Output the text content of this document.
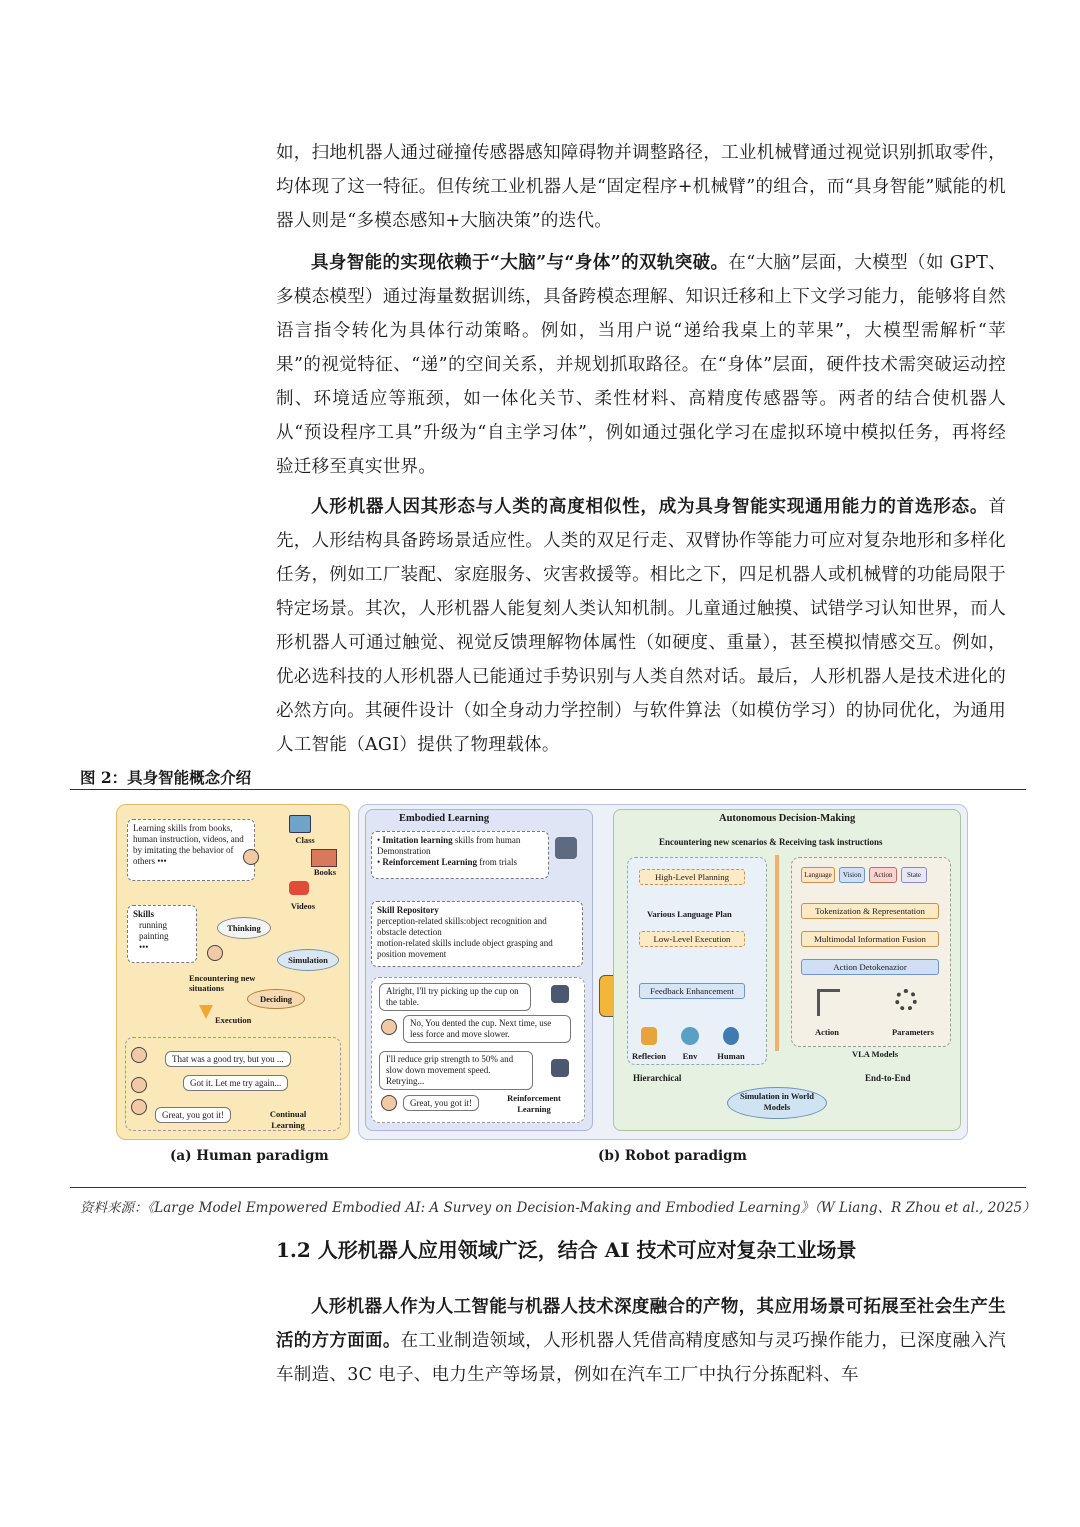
如，扫地机器人通过碰撞传感器感知障碍物并调整路径，工业机械臂通过视觉识别抓取零件，均体现了这一特征。但传统工业机器人是“固定程序+机械臂”的组合，而“具身智能”赋能的机器人则是“多模态感知+大脑决策”的迭代。

具身智能的实现依赖于“大脑”与“身体”的双轨突破。在“大脑”层面，大模型（如 GPT、多模态模型）通过海量数据训练，具备跨模态理解、知识迁移和上下文学习能力，能够将自然语言指令转化为具体行动策略。例如，当用户说“递给我桌上的苹果”，大模型需解析“苹果”的视觉特征、“递”的空间关系，并规划抓取路径。在“身体”层面，硬件技术需突破运动控制、环境适应等瓶颈，如一体化关节、柔性材料、高精度传感器等。两者的结合使机器人从“预设程序工具”升级为“自主学习体”，例如通过强化学习在虚拟环境中模拟任务，再将经验迁移至真实世界。

人形机器人因其形态与人类的高度相似性，成为具身智能实现通用能力的首选形态。首先，人形结构具备跨场景适应性。人类的双足行走、双臂协作等能力可应对复杂地形和多样化任务，例如工厂装配、家庭服务、灾害救援等。相比之下，四足机器人或机械臂的功能局限于特定场景。其次，人形机器人能复刻人类认知机制。儿童通过触摸、试错学习认知世界，而人形机器人可通过触觉、视觉反馈理解物体属性（如硬度、重量），甚至模拟情感交互。例如，优必选科技的人形机器人已能通过手势识别与人类自然对话。最后，人形机器人是技术进化的必然方向。其硬件设计（如全身动力学控制）与软件算法（如模仿学习）的协同优化，为通用人工智能（AGI）提供了物理载体。

图 2：具身智能概念介绍
Learning skills from books, human instruction, videos, and by imitating the behavior of others •••
Class
Books
Videos
Skills
running
painting
•••
Thinking
Simulation
Deciding
Encountering new situations
Execution
That was a good try, but you ...
Got it. Let me try again...
Great, you got it!	Continual Learning
Embodied Learning
• Imitation learning skills from human Demonstration
• Reinforcement Learning from trials
Skill Repository
perception-related skills:object recognition and obstacle detection
motion-related skills include object grasping and position movement
Alright, I'll try picking up the cup on the table.
No, You dented the cup. Next time, use less force and move slower.
I'll reduce grip strength to 50% and slow down movement speed. Retrying...
Great, you got it!	Reinforcement Learning
Autonomous Decision-Making
Encountering new scenarios & Receiving task instructions
High-Level Planning
Various Language Plan
Low-Level Execution
Feedback Enhancement
Reflecion	Env	Human
Language	Vision	Action	State
Tokenization & Representation
Multimodal Information Fusion
Action Detokenazior
Action	Parameters
VLA Models
Hierarchical
Simulation in World Models
End-to-End
(a) Human paradigm	(b) Robot paradigm
资料来源：《Large Model Empowered Embodied AI: A Survey on Decision-Making and Embodied Learning》（W Liang、R Zhou et al., 2025）
1.2 人形机器人应用领域广泛，结合 AI 技术可应对复杂工业场景

人形机器人作为人工智能与机器人技术深度融合的产物，其应用场景可拓展至社会生产生活的方方面面。在工业制造领域，人形机器人凭借高精度感知与灵巧操作能力，已深度融入汽车制造、3C 电子、电力生产等场景，例如在汽车工厂中执行分拣配料、车
